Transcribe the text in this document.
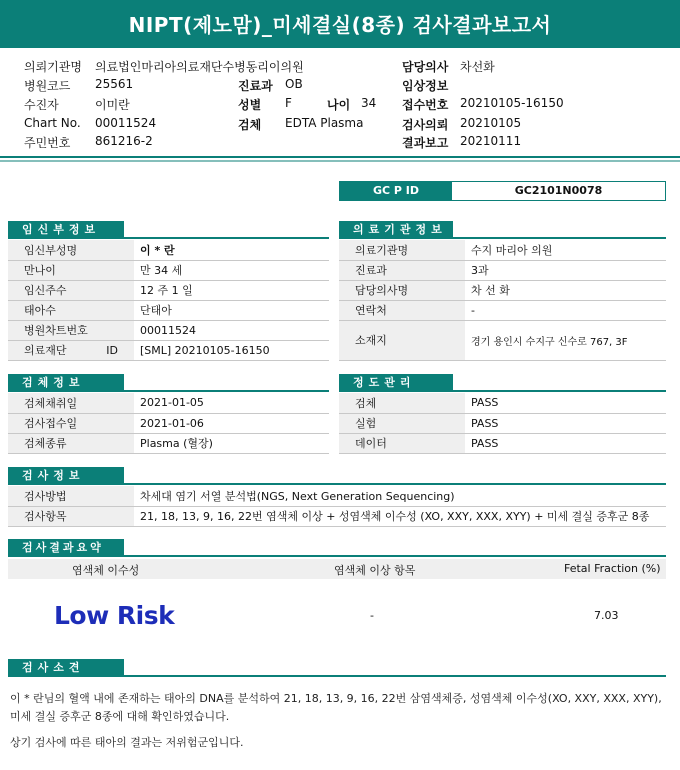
NIPT(제노맘)_미세결실(8종) 검사결과보고서
의뢰기관명 의료법인마리아의료재단수병동리이의원
병원코드 25561
수진자	이미란
Chart No. 00011524
주민번호 861216-2
진료과 OB
성별 F	나이 34
검체 EDTA Plasma
담당의사 차선화
임상정보
접수번호 20210105-16150
검사의뢰 20210105
결과보고 20210111
GC P ID	GC2101N0078
임신부정보
임신부성명	이 * 란
만나이	만 34 세
임신주수	12 주 1 일
태아수	단태아
병원차트번호	00011524
의료재단 ID	[SML] 20210105-16150
의료기관정보
의료기관명	수지 마리아 의원
진료과	3과
담당의사명	차 선 화
연락처	-
소재지	경기 용인시 수지구 신수로 767, 3F
검체정보
검체채취일	2021-01-05
검사접수일	2021-01-06
검체종류	Plasma (혈장)
정도관리
검체	PASS
실험	PASS
데이터	PASS
검사정보
검사방법	차세대 염기 서열 분석법(NGS, Next Generation Sequencing)
검사항목	21, 18, 13, 9, 16, 22번 염색체 이상 + 성염색체 이수성 (XO, XXY, XXX, XYY) + 미세 결실 증후군 8종
검사결과요약
염색체 이수성	염색체 이상 항목	Fetal Fraction (%)
Low Risk	-	7.03
검사소견
이 * 란님의 혈액 내에 존재하는 태아의 DNA를 분석하여 21, 18, 13, 9, 16, 22번 삼염색체증, 성염색체 이수성(XO, XXY, XXX, XYY),
미세 결실 증후군 8종에 대해 확인하였습니다.
상기 검사에 따른 태아의 결과는 저위험군입니다.
